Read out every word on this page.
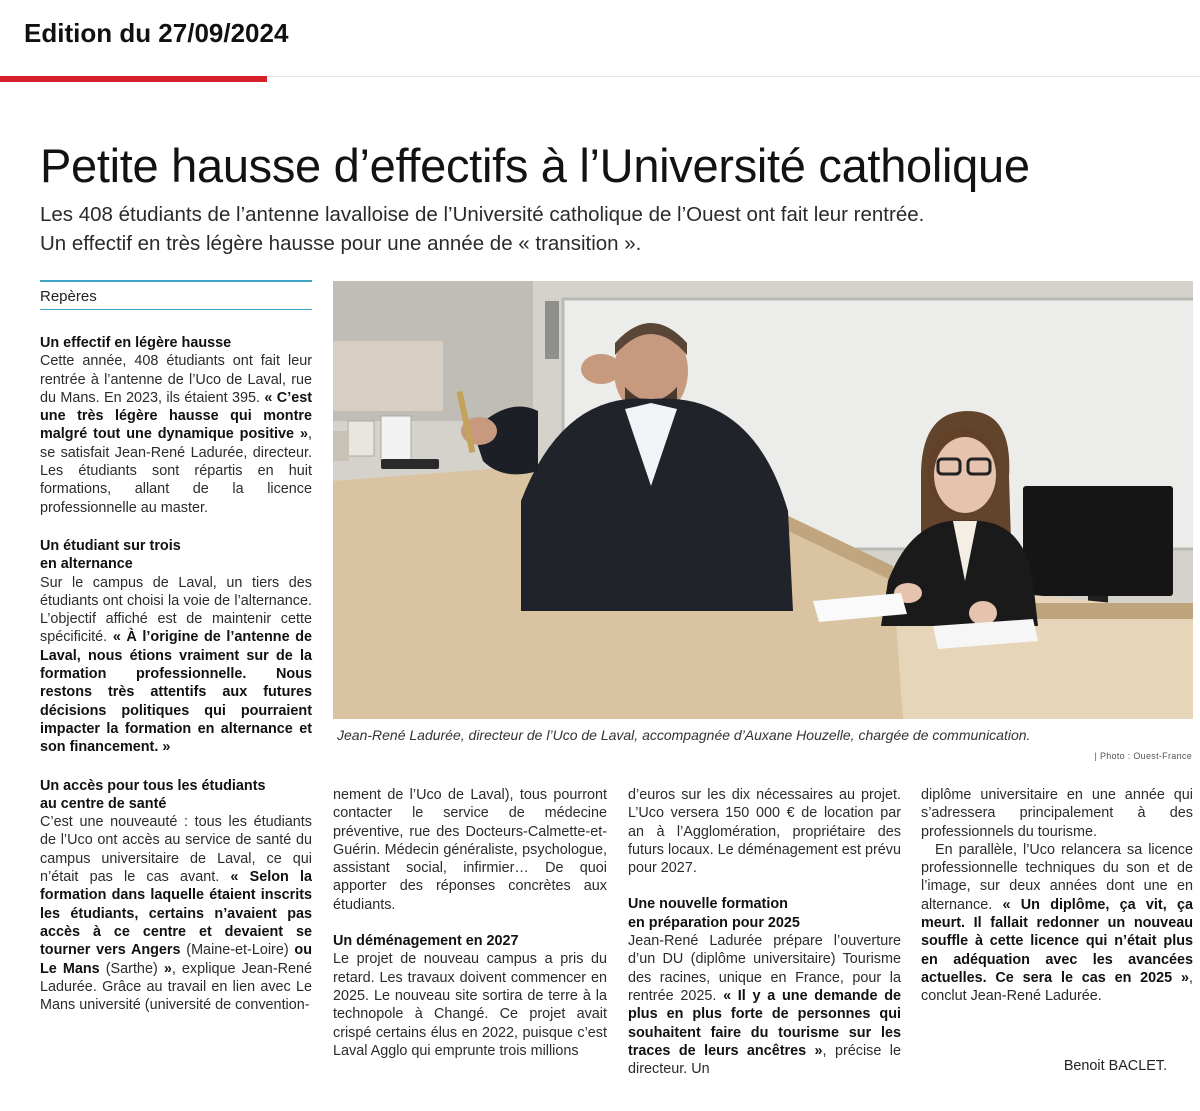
Edition du 27/09/2024
Petite hausse d’effectifs à l’Université catholique
Les 408 étudiants de l’antenne lavalloise de l’Université catholique de l’Ouest ont fait leur rentrée.
Un effectif en très légère hausse pour une année de « transition ».
Repères

Un effectif en légère hausse

Cette année, 408 étudiants ont fait leur rentrée à l’antenne de l’Uco de Laval, rue du Mans. En 2023, ils étaient 395. « C’est une très légère hausse qui montre malgré tout une dynamique positive », se satisfait Jean-René Ladurée, directeur. Les étudiants sont répartis en huit formations, allant de la licence professionnelle au master.

Un étudiant sur trois
en alternance

Sur le campus de Laval, un tiers des étudiants ont choisi la voie de l’alternance. L’objectif affiché est de maintenir cette spécificité. « À l’origine de l’antenne de Laval, nous étions vraiment sur de la formation professionnelle. Nous restons très attentifs aux futures décisions politiques qui pourraient impacter la formation en alternance et son financement. »

Un accès pour tous les étudiants
au centre de santé

C’est une nouveauté : tous les étudiants de l’Uco ont accès au service de santé du campus universitaire de Laval, ce qui n’était pas le cas avant. « Selon la formation dans laquelle étaient inscrits les étudiants, certains n’avaient pas accès à ce centre et devaient se tourner vers Angers (Maine-et-Loire) ou Le Mans (Sarthe) », explique Jean-René Ladurée. Grâce au travail en lien avec Le Mans université (université de convention-

Jean-René Ladurée, directeur de l’Uco de Laval, accompagnée d’Auxane Houzelle, chargée de communication.
| Photo : Ouest-France

nement de l’Uco de Laval), tous pourront contacter le service de médecine préventive, rue des Docteurs-Calmette-et-Guérin. Médecin généraliste, psychologue, assistant social, infirmier… De quoi apporter des réponses concrètes aux étudiants.

Un déménagement en 2027

Le projet de nouveau campus a pris du retard. Les travaux doivent commencer en 2025. Le nouveau site sortira de terre à la technopole à Changé. Ce projet avait crispé certains élus en 2022, puisque c’est Laval Agglo qui emprunte trois millions

d’euros sur les dix nécessaires au projet. L’Uco versera 150 000 € de location par an à l’Agglomération, propriétaire des futurs locaux. Le déménagement est prévu pour 2027.

Une nouvelle formation
en préparation pour 2025

Jean-René Ladurée prépare l’ouverture d’un DU (diplôme universitaire) Tourisme des racines, unique en France, pour la rentrée 2025. « Il y a une demande de plus en plus forte de personnes qui souhaitent faire du tourisme sur les traces de leurs ancêtres », précise le directeur. Un

diplôme universitaire en une année qui s’adressera principalement à des professionnels du tourisme.

En parallèle, l’Uco relancera sa licence professionnelle techniques du son et de l’image, sur deux années dont une en alternance. « Un diplôme, ça vit, ça meurt. Il fallait redonner un nouveau souffle à cette licence qui n’était plus en adéquation avec les avancées actuelles. Ce sera le cas en 2025 », conclut Jean-René Ladurée.

Benoit BACLET.
